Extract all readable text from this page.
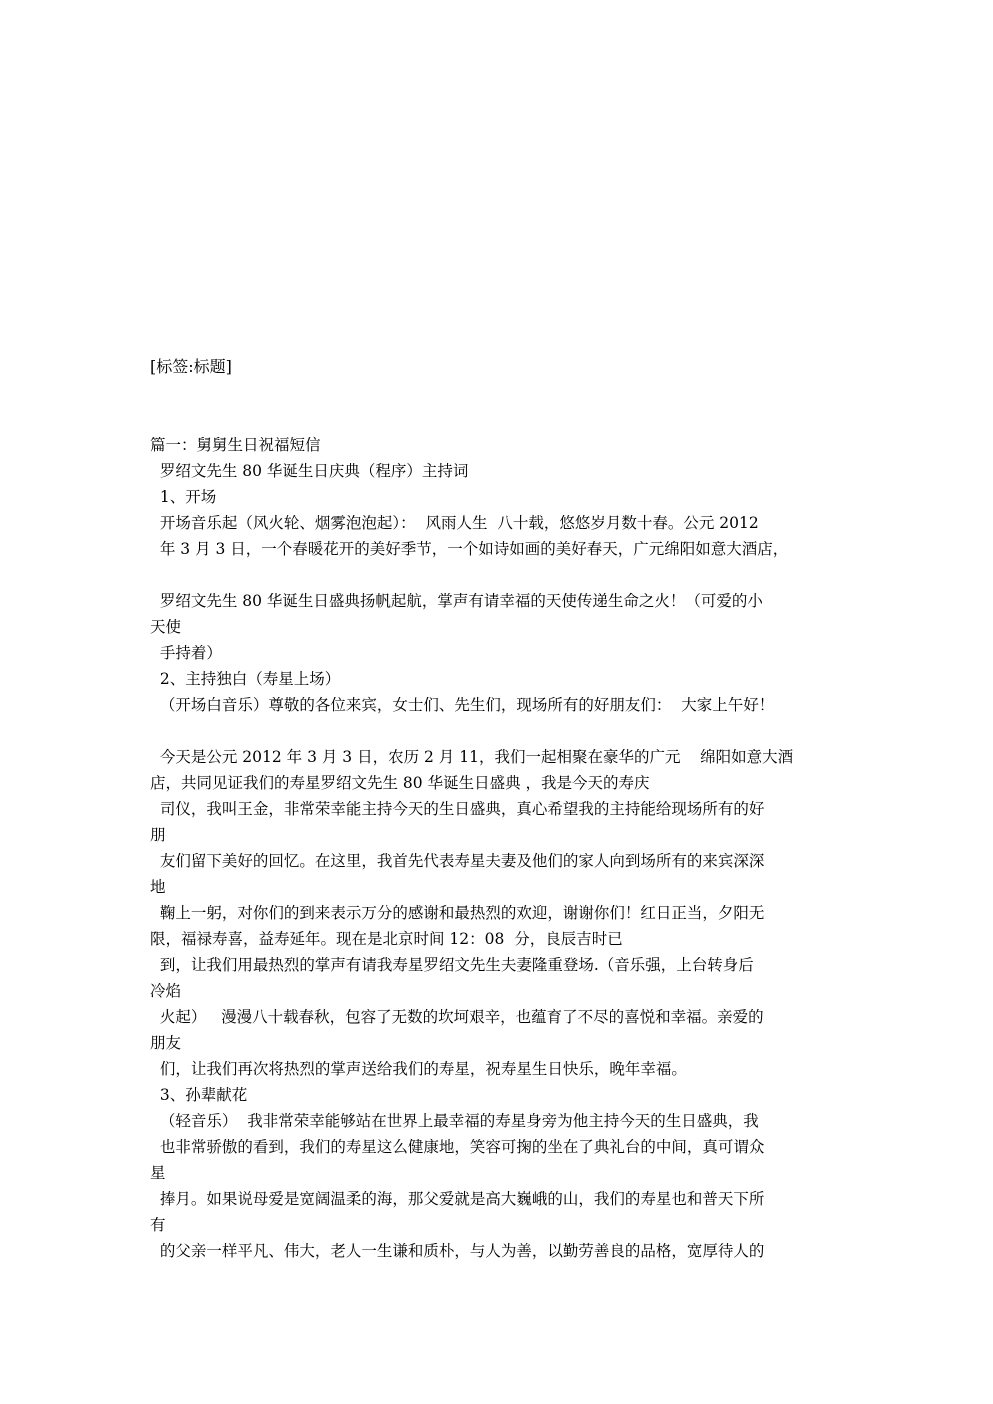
[标签:标题]
篇一：舅舅生日祝福短信
罗绍文先生 80 华诞生日庆典（程序）主持词
1、开场
开场音乐起（风火轮、烟雾泡泡起）：  风雨人生  八十载，悠悠岁月数十春。公元 2012
年 3 月 3 日，一个春暖花开的美好季节，一个如诗如画的美好春天，广元绵阳如意大酒店，
罗绍文先生 80 华诞生日盛典扬帆起航，掌声有请幸福的天使传递生命之火！（可爱的小
天使
手持着）
2、主持独白（寿星上场）
（开场白音乐）尊敬的各位来宾，女士们、先生们，现场所有的好朋友们：  大家上午好！
今天是公元 2012 年 3 月 3 日，农历 2 月 11，我们一起相聚在豪华的广元    绵阳如意大酒
店，共同见证我们的寿星罗绍文先生 80 华诞生日盛典 ，我是今天的寿庆
司仪，我叫王金，非常荣幸能主持今天的生日盛典，真心希望我的主持能给现场所有的好
朋
友们留下美好的回忆。在这里，我首先代表寿星夫妻及他们的家人向到场所有的来宾深深
地
鞠上一躬，对你们的到来表示万分的感谢和最热烈的欢迎，谢谢你们！红日正当，夕阳无
限，福禄寿喜，益寿延年。现在是北京时间 12：08  分，良辰吉时已
到，让我们用最热烈的掌声有请我寿星罗绍文先生夫妻隆重登场.（音乐强，上台转身后
冷焰
火起）   漫漫八十载春秋，包容了无数的坎坷艰辛，也蕴育了不尽的喜悦和幸福。亲爱的
朋友
们，让我们再次将热烈的掌声送给我们的寿星，祝寿星生日快乐，晚年幸福。
3、孙辈献花
（轻音乐）  我非常荣幸能够站在世界上最幸福的寿星身旁为他主持今天的生日盛典，我
也非常骄傲的看到，我们的寿星这么健康地，笑容可掬的坐在了典礼台的中间，真可谓众
星
捧月。如果说母爱是宽阔温柔的海，那父爱就是高大巍峨的山，我们的寿星也和普天下所
有
的父亲一样平凡、伟大，老人一生谦和质朴，与人为善，以勤劳善良的品格，宽厚待人的
